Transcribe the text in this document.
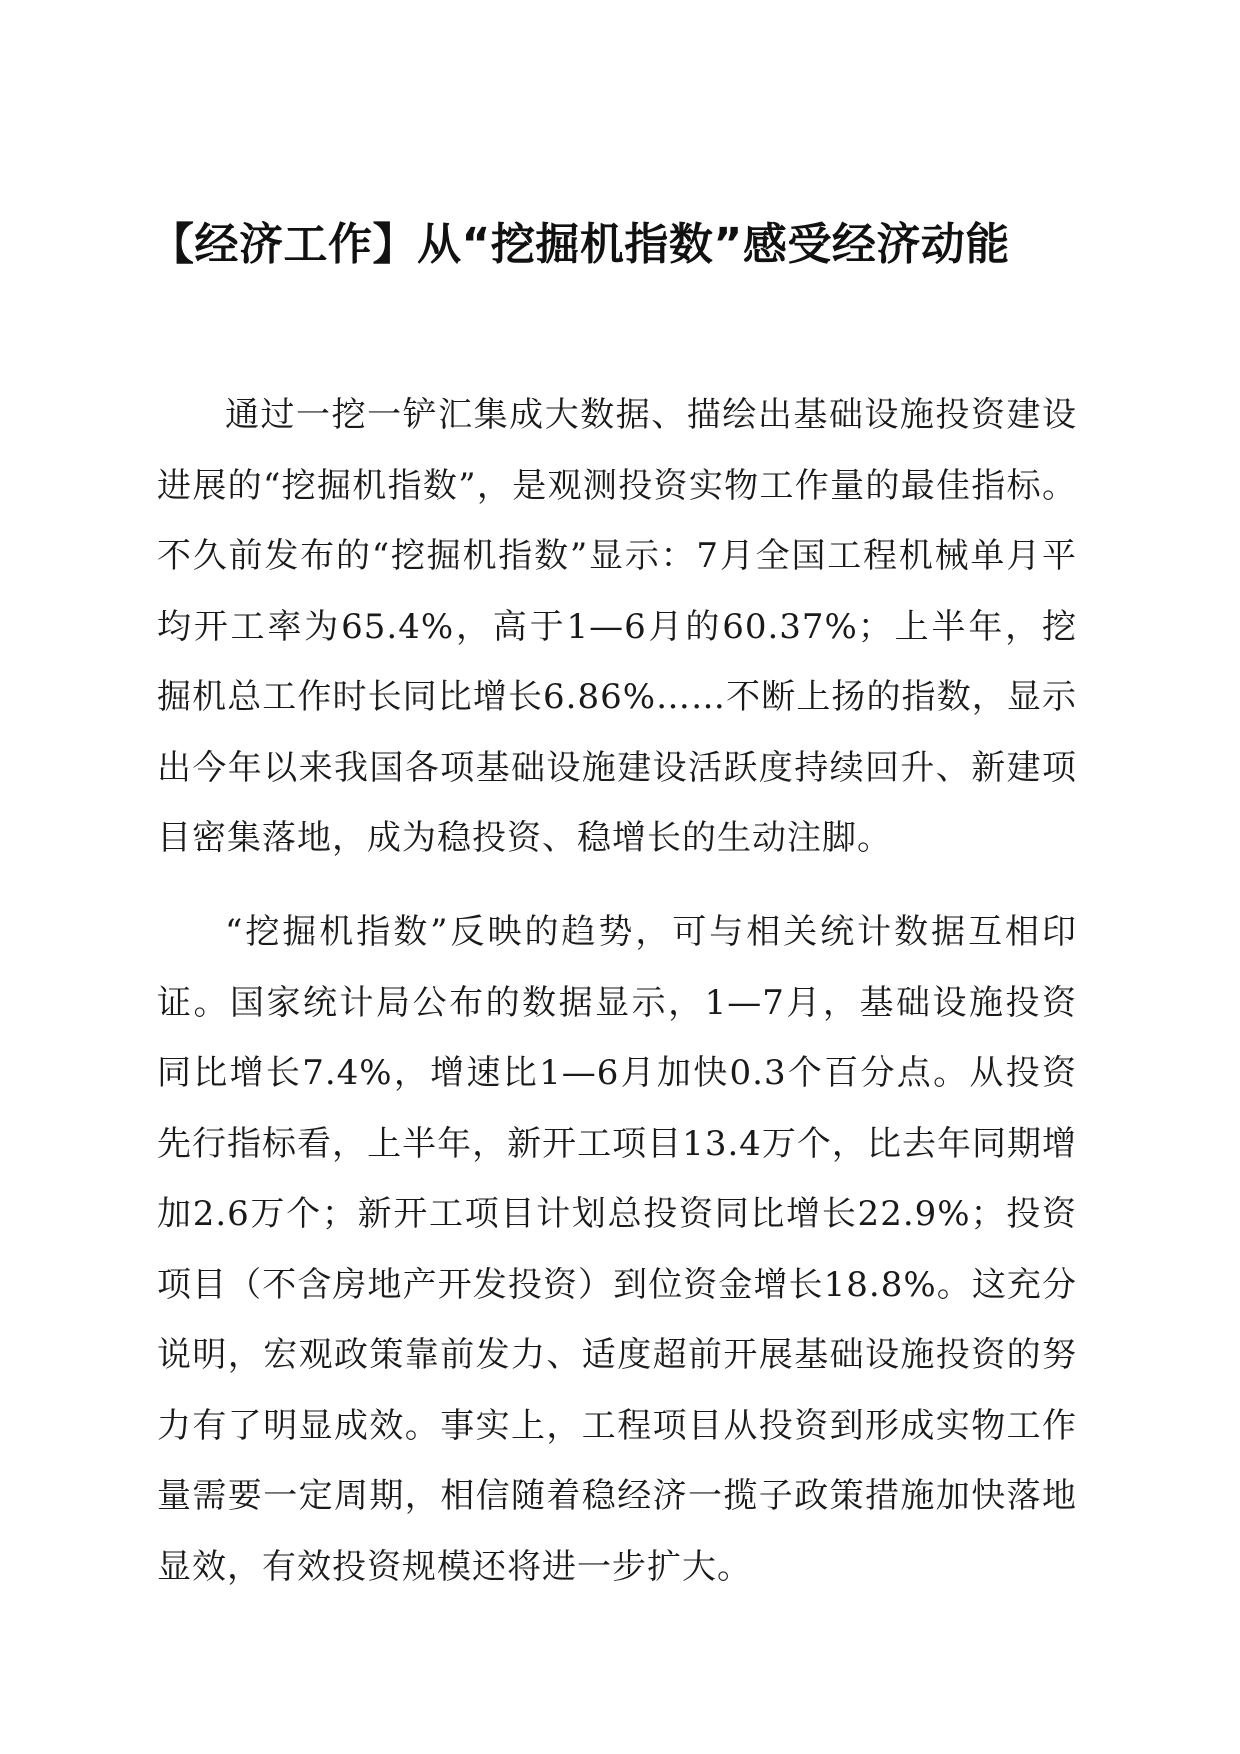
【经济工作】从“挖掘机指数”感受经济动能

通过一挖一铲汇集成大数据、描绘出基础设施投资建设进展的“挖掘机指数”，是观测投资实物工作量的最佳指标。不久前发布的“挖掘机指数”显示：7月全国工程机械单月平均开工率为65.4%，高于1—6月的60.37%；上半年，挖掘机总工作时长同比增长6.86%……不断上扬的指数，显示出今年以来我国各项基础设施建设活跃度持续回升、新建项目密集落地，成为稳投资、稳增长的生动注脚。

“挖掘机指数”反映的趋势，可与相关统计数据互相印证。国家统计局公布的数据显示，1—7月，基础设施投资同比增长7.4%，增速比1—6月加快0.3个百分点。从投资先行指标看，上半年，新开工项目13.4万个，比去年同期增加2.6万个；新开工项目计划总投资同比增长22.9%；投资项目（不含房地产开发投资）到位资金增长18.8%。这充分说明，宏观政策靠前发力、适度超前开展基础设施投资的努力有了明显成效。事实上，工程项目从投资到形成实物工作量需要一定周期，相信随着稳经济一揽子政策措施加快落地显效，有效投资规模还将进一步扩大。
